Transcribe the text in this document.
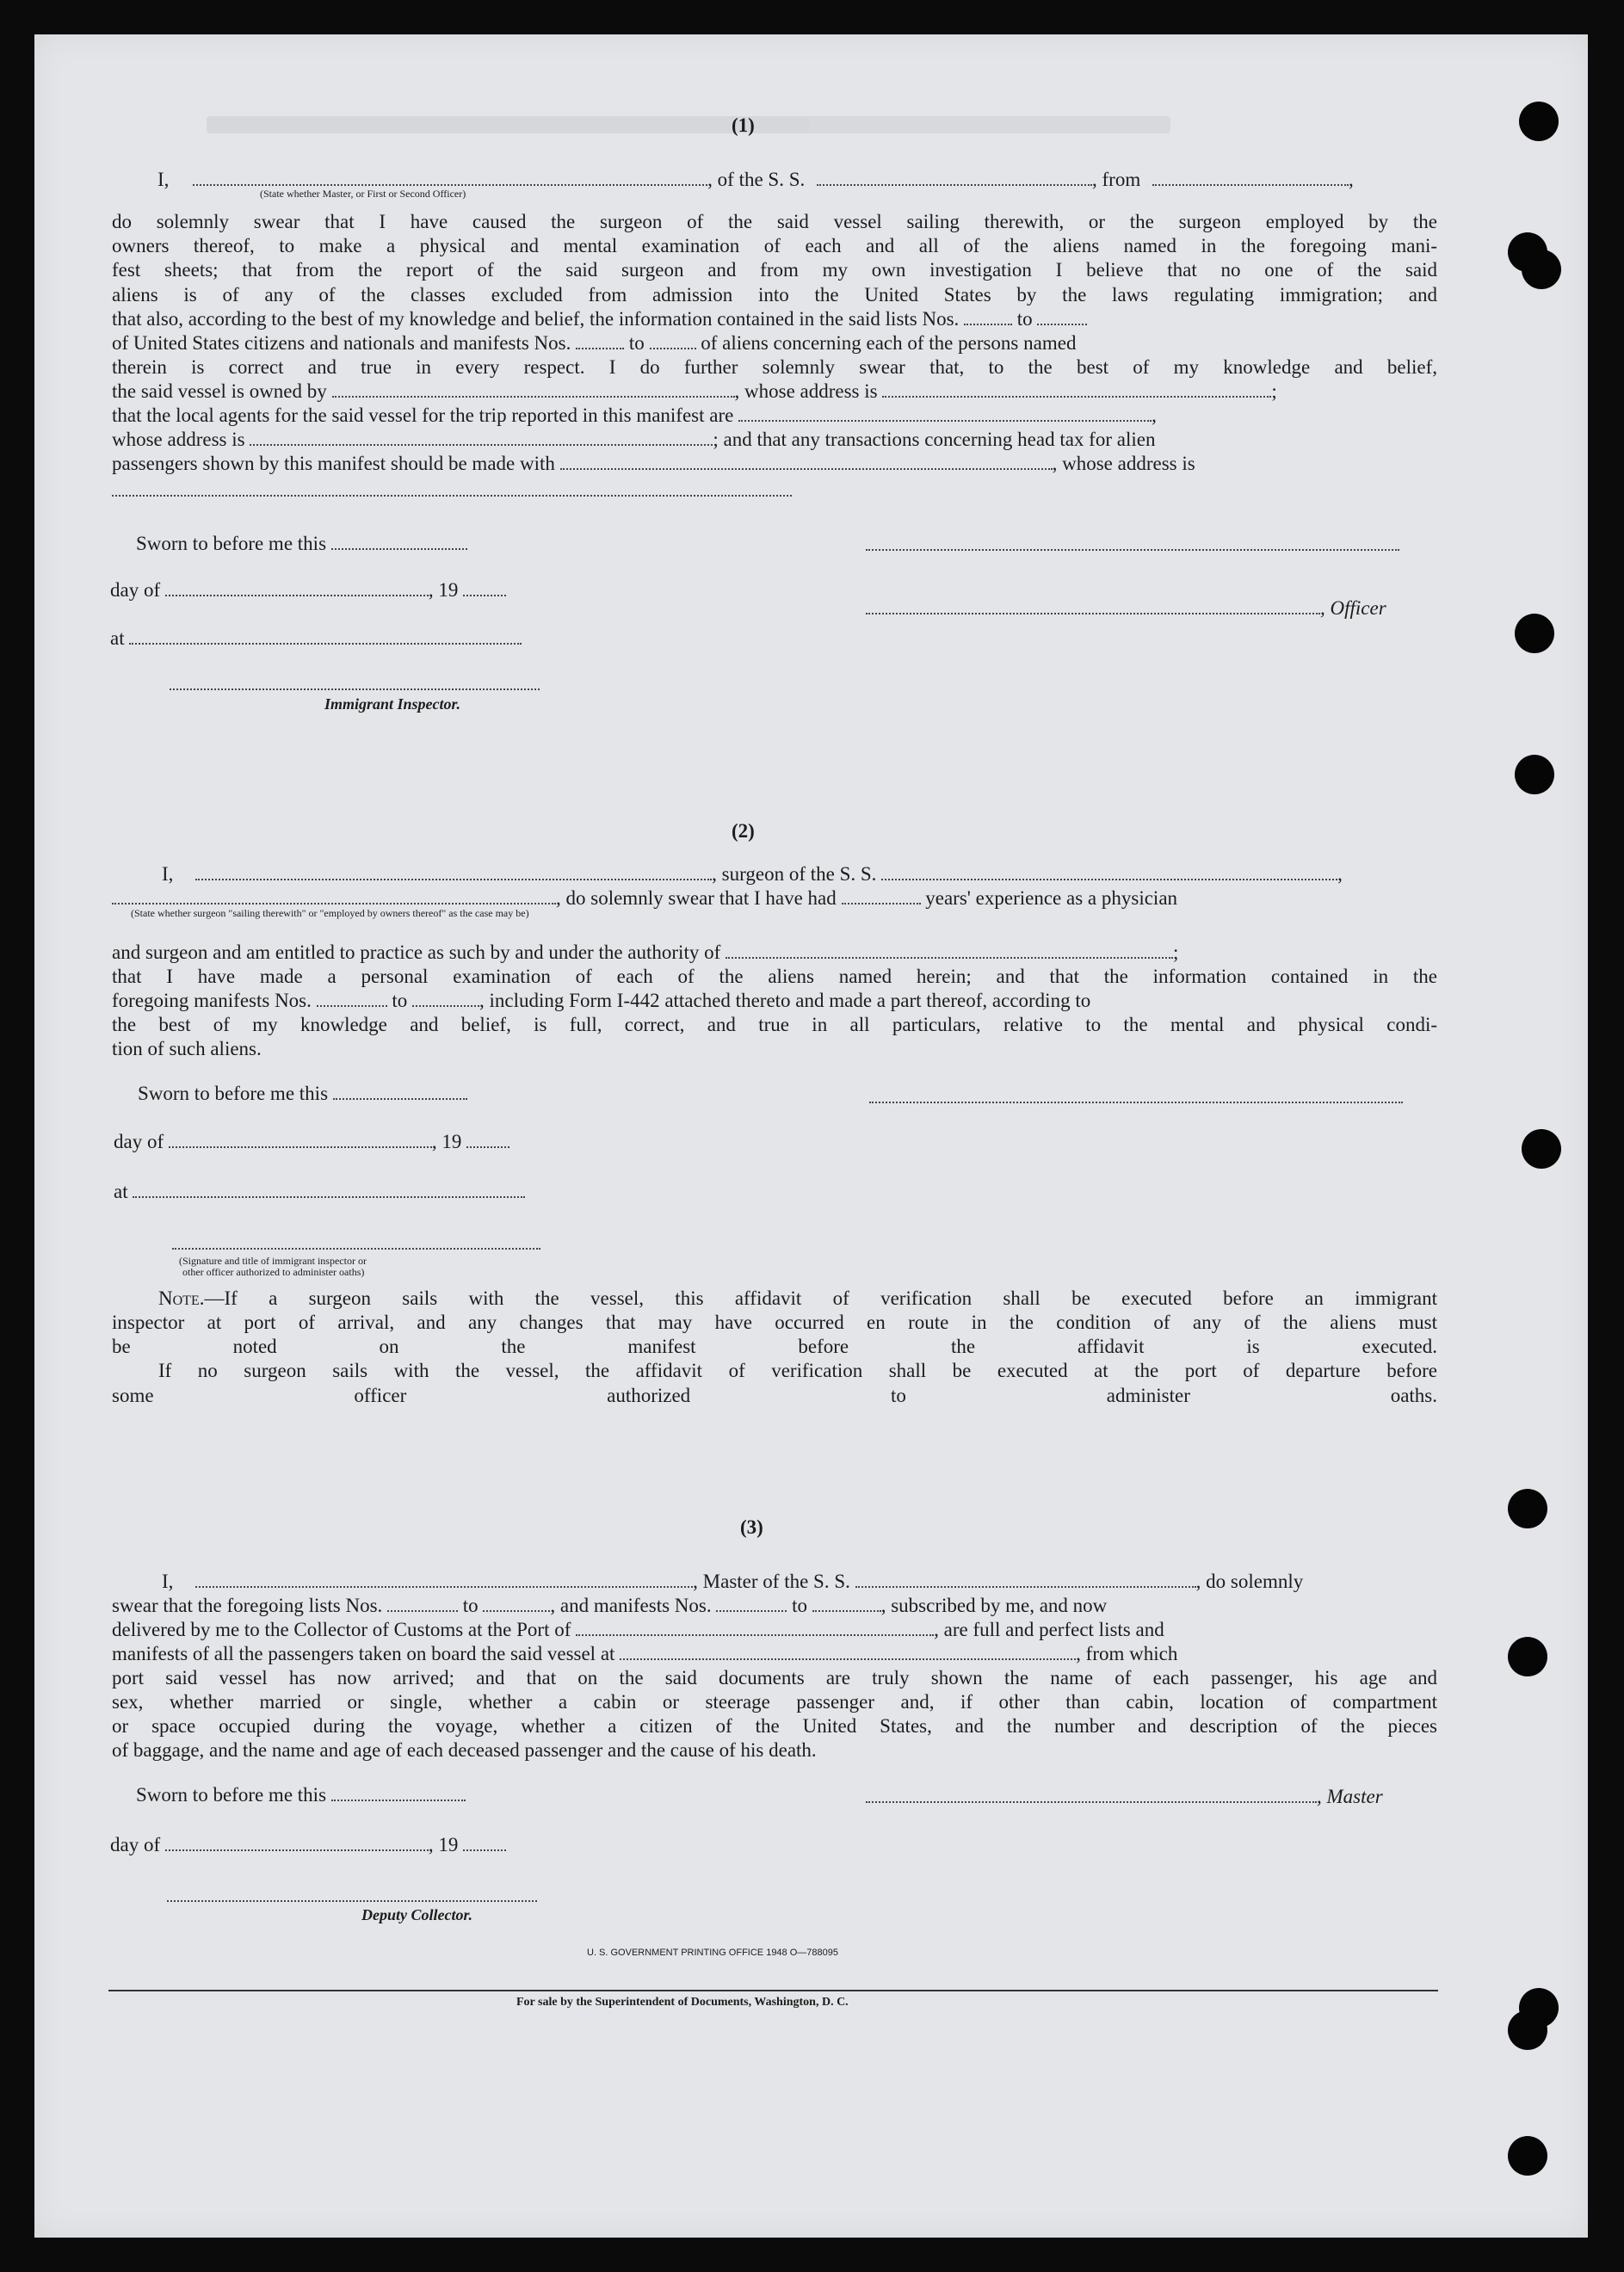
(1)
I,	, of the S. S.	, from	,
(State whether Master, or First or Second Officer)
do solemnly swear that I have caused the surgeon of the said vessel sailing therewith, or the surgeon employed by the
owners thereof, to make a physical and mental examination of each and all of the aliens named in the foregoing mani-
fest sheets; that from the report of the said surgeon and from my own investigation I believe that no one of the said
aliens is of any of the classes excluded from admission into the United States by the laws regulating immigration; and
that also, according to the best of my knowledge and belief, the information contained in the said lists Nos.	to
of United States citizens and nationals and manifests Nos.	to	of aliens concerning each of the persons named
therein is correct and true in every respect. I do further solemnly swear that, to the best of my knowledge and belief,
the said vessel is owned by	, whose address is	;
that the local agents for the said vessel for the trip reported in this manifest are	,
whose address is	; and that any transactions concerning head tax for alien
passengers shown by this manifest should be made with	, whose address is
Sworn to before me this
day of	, 19
, Officer
at
Immigrant Inspector.
(2)
I,	, surgeon of the S. S.	,
, do solemnly swear that I have had	years' experience as a physician
(State whether surgeon "sailing therewith" or "employed by owners thereof" as the case may be)
and surgeon and am entitled to practice as such by and under the authority of	;
that I have made a personal examination of each of the aliens named herein; and that the information contained in the
foregoing manifests Nos.	to	, including Form I-442 attached thereto and made a part thereof, according to
the best of my knowledge and belief, is full, correct, and true in all particulars, relative to the mental and physical condi-
tion of such aliens.
Sworn to before me this
day of	, 19
at
(Signature and title of immigrant inspector or
other officer authorized to administer oaths)
Note.—If a surgeon sails with the vessel, this affidavit of verification shall be executed before an immigrant
inspector at port of arrival, and any changes that may have occurred en route in the condition of any of the aliens must
be noted on the manifest before the affidavit is executed.
If no surgeon sails with the vessel, the affidavit of verification shall be executed at the port of departure before
some officer authorized to administer oaths.
(3)
I,	, Master of the S. S.	, do solemnly
swear that the foregoing lists Nos.	to	, and manifests Nos.	to	, subscribed by me, and now
delivered by me to the Collector of Customs at the Port of	, are full and perfect lists and
manifests of all the passengers taken on board the said vessel at	, from which
port said vessel has now arrived; and that on the said documents are truly shown the name of each passenger, his age and
sex, whether married or single, whether a cabin or steerage passenger and, if other than cabin, location of compartment
or space occupied during the voyage, whether a citizen of the United States, and the number and description of the pieces
of baggage, and the name and age of each deceased passenger and the cause of his death.
Sworn to before me this	, Master
day of	, 19
Deputy Collector.
U. S. GOVERNMENT PRINTING OFFICE 1948 O—788095
For sale by the Superintendent of Documents, Washington, D. C.
